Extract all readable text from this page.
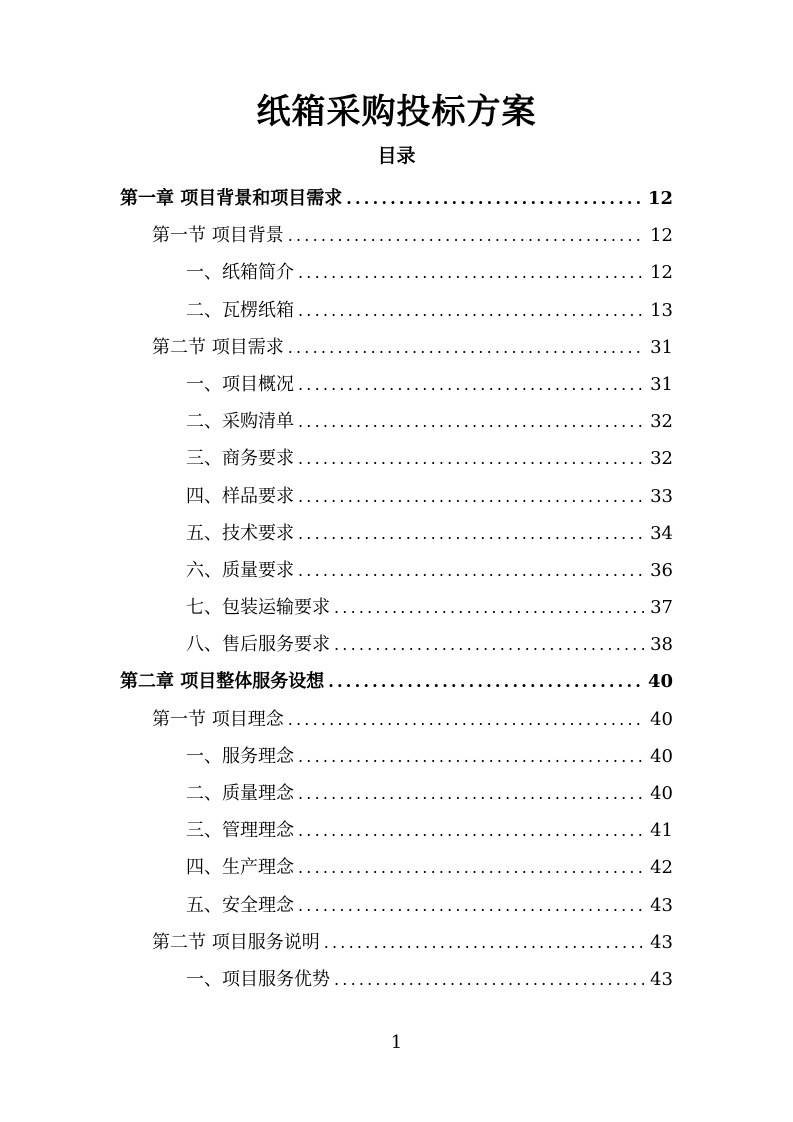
纸箱采购投标方案
目录
第一章 项目背景和项目需求 .....	12
第一节 项目背景 .....	12
一、纸箱简介 .....	12
二、瓦楞纸箱 .....	13
第二节 项目需求 .....	31
一、项目概况 .....	31
二、采购清单 .....	32
三、商务要求 .....	32
四、样品要求 .....	33
五、技术要求 .....	34
六、质量要求 .....	36
七、包装运输要求 .....	37
八、售后服务要求 .....	38
第二章 项目整体服务设想 .....	40
第一节 项目理念 .....	40
一、服务理念 .....	40
二、质量理念 .....	40
三、管理理念 .....	41
四、生产理念 .....	42
五、安全理念 .....	43
第二节 项目服务说明 .....	43
一、项目服务优势 .....	43
1
